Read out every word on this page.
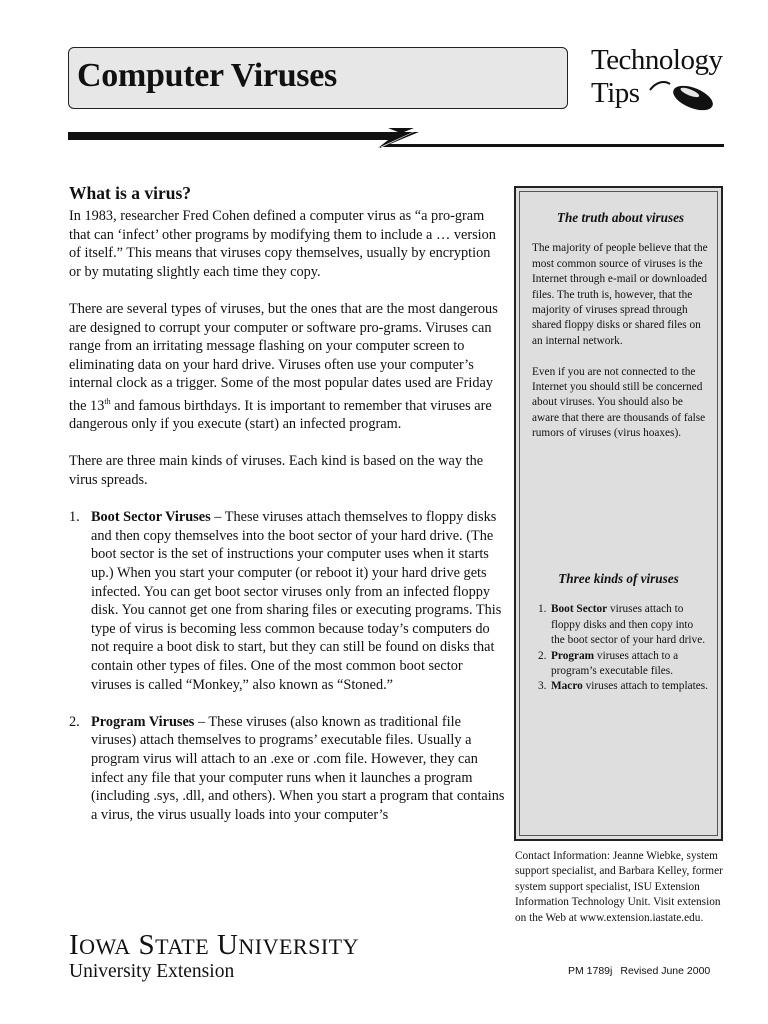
Computer Viruses	Technology
Tips
What is a virus?

In 1983, researcher Fred Cohen defined a computer virus as “a pro-gram that can ‘infect’ other programs by modifying them to include a … version of itself.” This means that viruses copy themselves, usually by encryption or by mutating slightly each time they copy.

There are several types of viruses, but the ones that are the most dangerous are designed to corrupt your computer or software pro-grams. Viruses can range from an irritating message flashing on your computer screen to eliminating data on your hard drive. Viruses often use your computer’s internal clock as a trigger. Some of the most popular dates used are Friday the 13th and famous birthdays. It is important to remember that viruses are dangerous only if you execute (start) an infected program.

There are three main kinds of viruses. Each kind is based on the way the virus spreads.

1. Boot Sector Viruses – These viruses attach themselves to floppy disks and then copy themselves into the boot sector of your hard drive. (The boot sector is the set of instructions your computer uses when it starts up.) When you start your computer (or reboot it) your hard drive gets infected. You can get boot sector viruses only from an infected floppy disk. You cannot get one from sharing files or executing programs. This type of virus is becoming less common because today’s computers do not require a boot disk to start, but they can still be found on disks that contain other types of files. One of the most common boot sector viruses is called “Monkey,” also known as “Stoned.”
2. Program Viruses – These viruses (also known as traditional file viruses) attach themselves to programs’ executable files. Usually a program virus will attach to an .exe or .com file. However, they can infect any file that your computer runs when it launches a program (including .sys, .dll, and others). When you start a program that contains a virus, the virus usually loads into your computer’s
The truth about viruses

The majority of people believe that the most common source of viruses is the Internet through e-mail or downloaded files. The truth is, however, that the majority of viruses spread through shared floppy disks or shared files on an internal network.

Even if you are not connected to the Internet you should still be concerned about viruses. You should also be aware that there are thousands of false rumors of viruses (virus hoaxes).

Three kinds of viruses
1. Boot Sector viruses attach to floppy disks and then copy into the boot sector of your hard drive.
2. Program viruses attach to a program’s executable files.
3. Macro viruses attach to templates.
Contact Information: Jeanne Wiebke, system support specialist, and Barbara Kelley, former system support specialist, ISU Extension Information Technology Unit. Visit extension on the Web at www.extension.iastate.edu.
IOWA STATE UNIVERSITY
University Extension	PM 1789j Revised June 2000
